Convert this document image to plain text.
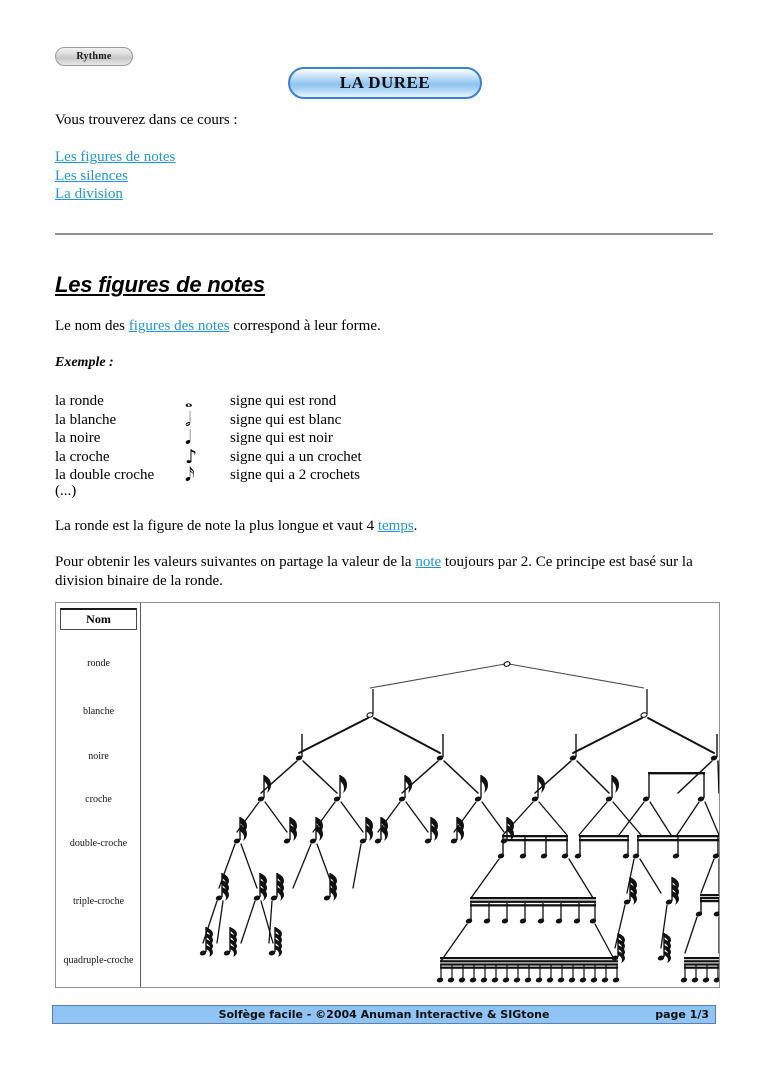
Rythme
LA DUREE
Vous trouverez dans ce cours :
Les figures de notes
Les silences
La division
Les figures de notes
Le nom des figures des notes correspond à leur forme.
Exemple :
la ronde	𝅝	signe qui est rond
la blanche	𝅗𝅥	signe qui est blanc
la noire	𝅘𝅥	signe qui est noir
la croche	♪	signe qui a un crochet
la double croche	𝅘𝅥𝅯	signe qui a 2 crochets
(...)
La ronde est la figure de note la plus longue et vaut 4 temps.
Pour obtenir les valeurs suivantes on partage la valeur de la note toujours par 2. Ce principe est basé sur la division binaire de la ronde.
Nom
ronde
blanche
noire
croche
double-croche
triple-croche
quadruple-croche
Solfège facile - ©2004 Anuman Interactive & SIGtone	page 1/3
